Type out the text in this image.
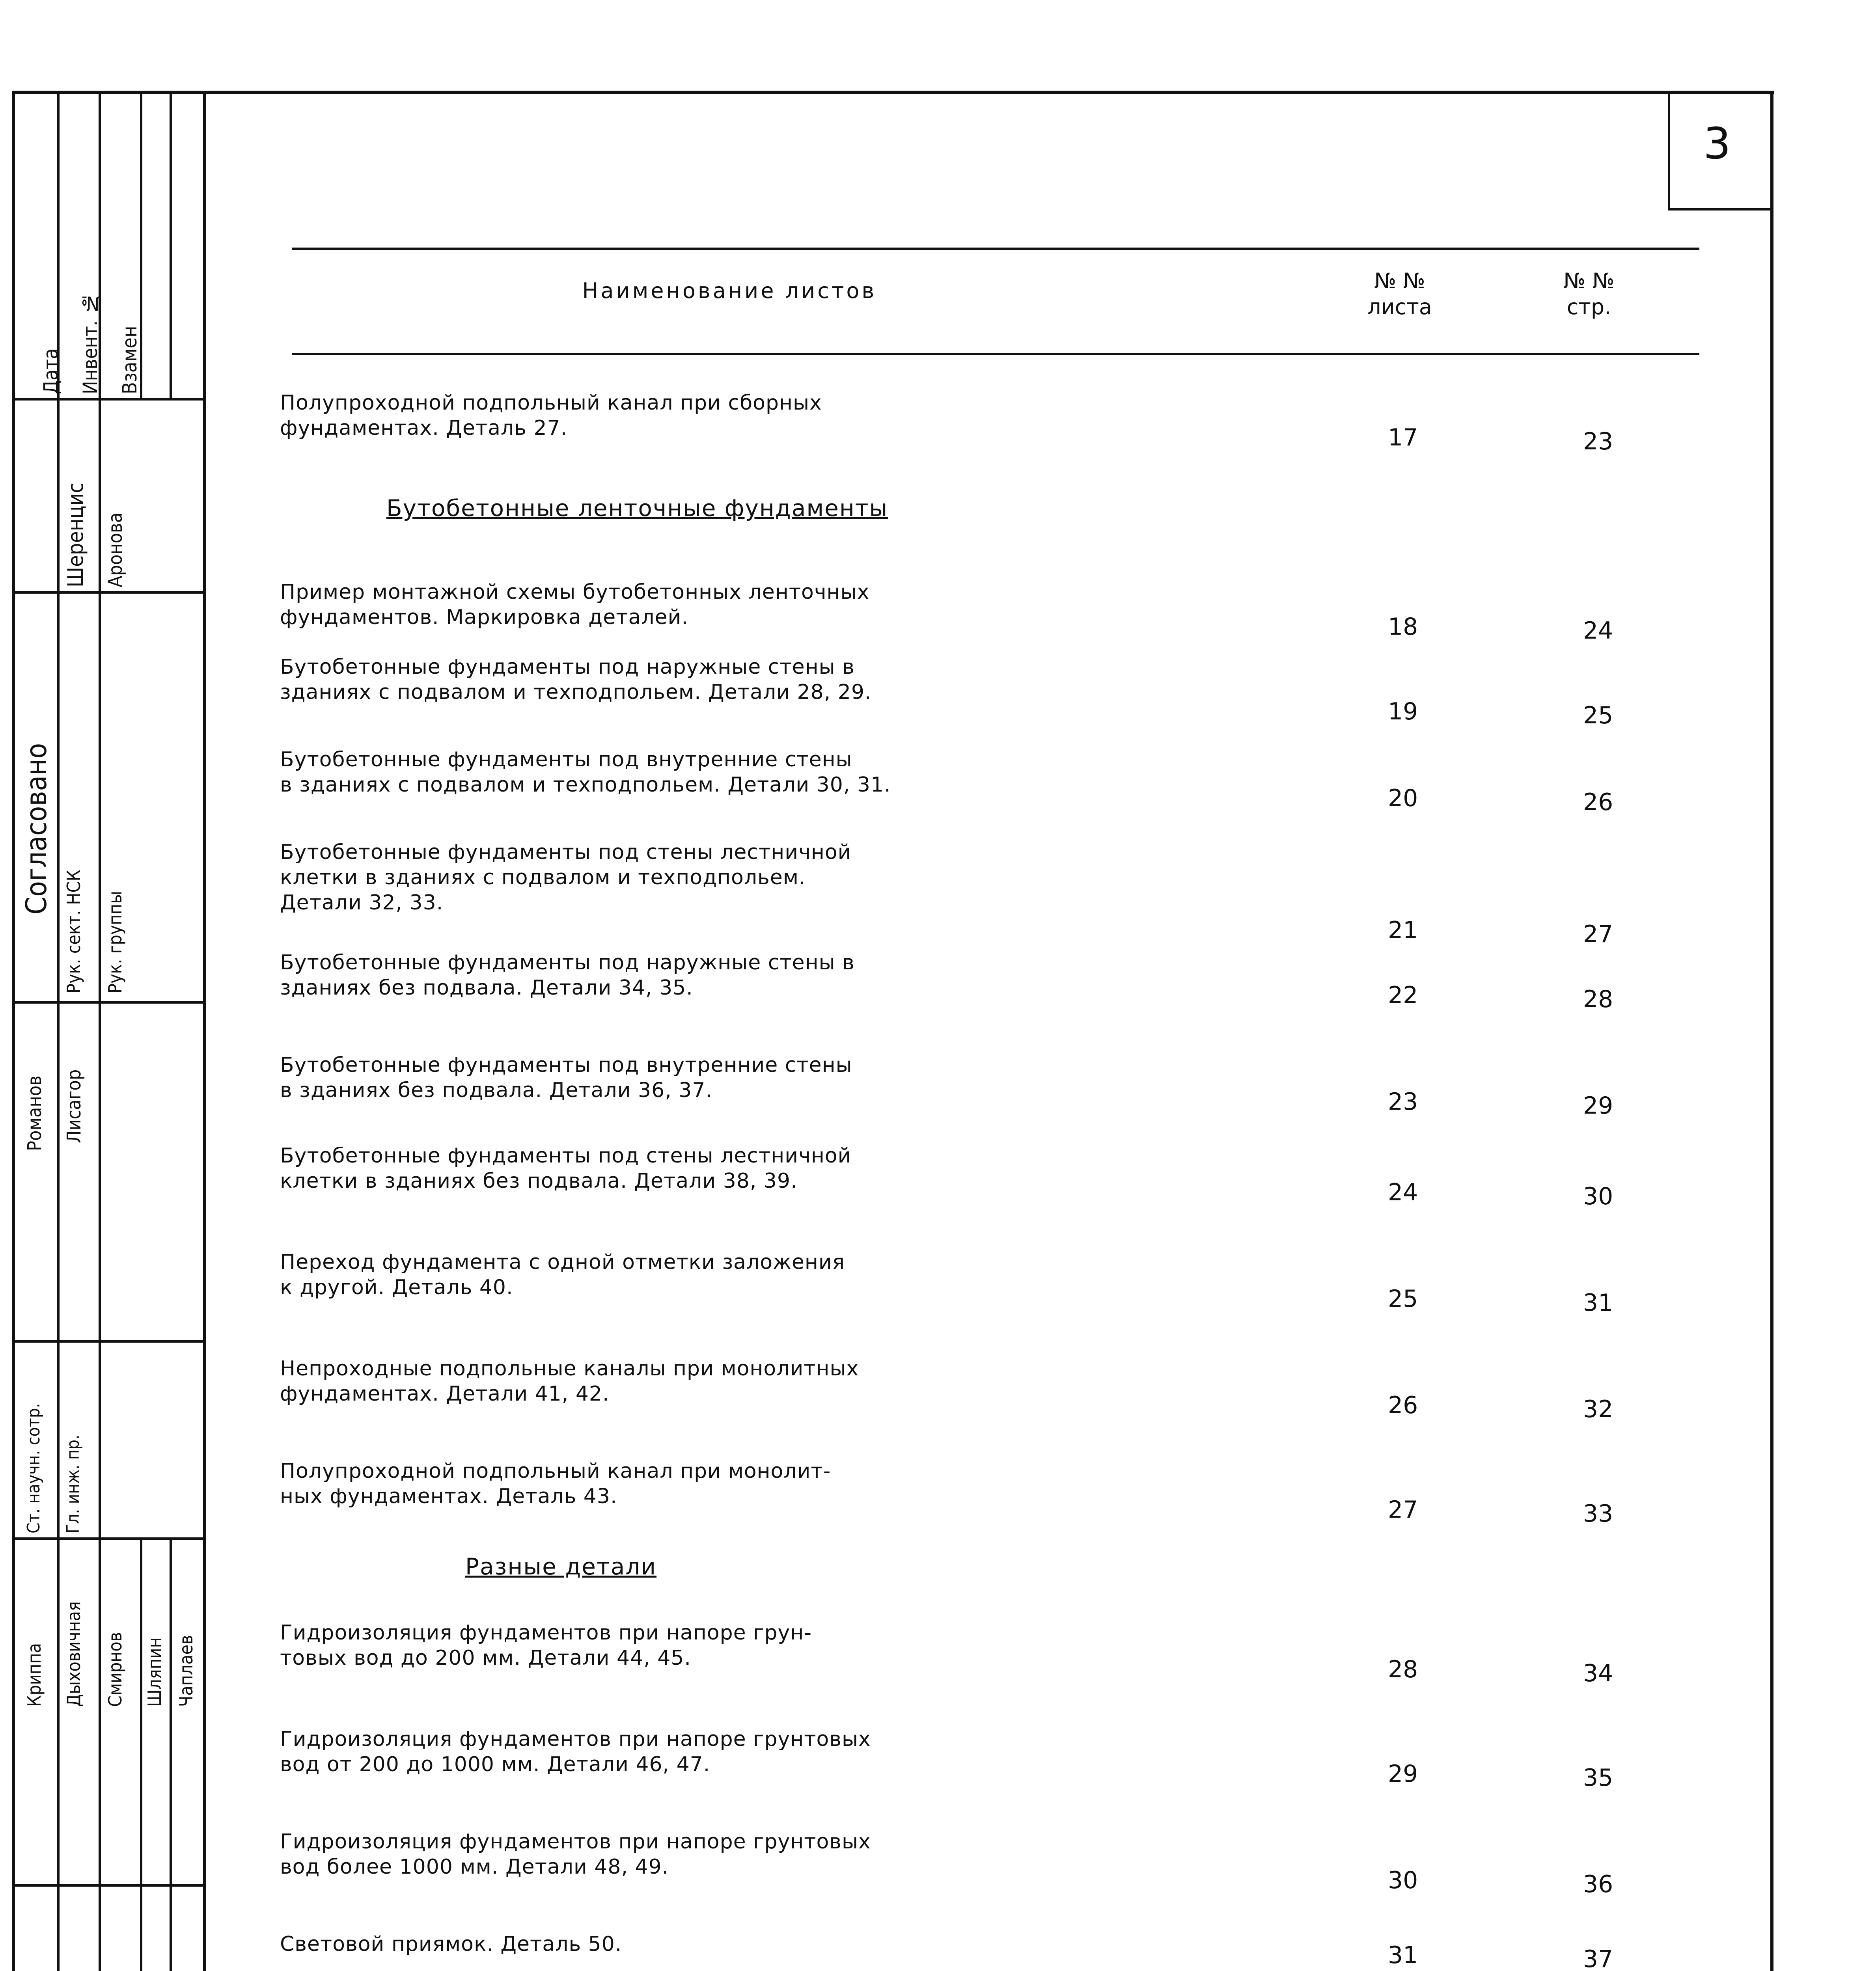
3
Дата Инвент. № Взамен
Согласовано
Шеренцис Аронова
Рук. сект. НСК Рук. группы
Романов Лисагор
Ст. научн. сотр. Гл. инж. пр.
Криппа Дыховичная Смирнов Шляпин Чаплаев
Наименование листов	№ №
листа
№ №
стр.
Полупроходной подпольный канал при сборных
фундаментах. Деталь 27.	17	23
Бутобетонные ленточные фундаменты
Пример монтажной схемы бутобетонных ленточных
фундаментов. Маркировка деталей.	18	24
Бутобетонные фундаменты под наружные стены в
зданиях с подвалом и техподпольем. Детали 28, 29.
19	25
Бутобетонные фундаменты под внутренние стены
в зданиях с подвалом и техподпольем. Детали 30, 31.	20	26
Бутобетонные фундаменты под стены лестничной
клетки в зданиях с подвалом и техподпольем.
Детали 32, 33.
21	27
Бутобетонные фундаменты под наружные стены в
зданиях без подвала. Детали 34, 35.	22	28
Бутобетонные фундаменты под внутренние стены
в зданиях без подвала. Детали 36, 37.	23	29
Бутобетонные фундаменты под стены лестничной
клетки в зданиях без подвала. Детали 38, 39.	24	30
Переход фундамента с одной отметки заложения
к другой. Деталь 40.	25	31
Непроходные подпольные каналы при монолитных
фундаментах. Детали 41, 42.	26	32
Полупроходной подпольный канал при монолит-
ных фундаментах. Деталь 43.	27	33
Разные детали
Гидроизоляция фундаментов при напоре грун-
товых вод до 200 мм. Детали 44, 45.	28	34
Гидроизоляция фундаментов при напоре грунтовых
вод от 200 до 1000 мм. Детали 46, 47.	29	35
Гидроизоляция фундаментов при напоре грунтовых
вод более 1000 мм. Детали 48, 49.	30	36
Световой приямок. Деталь 50.	31	37
